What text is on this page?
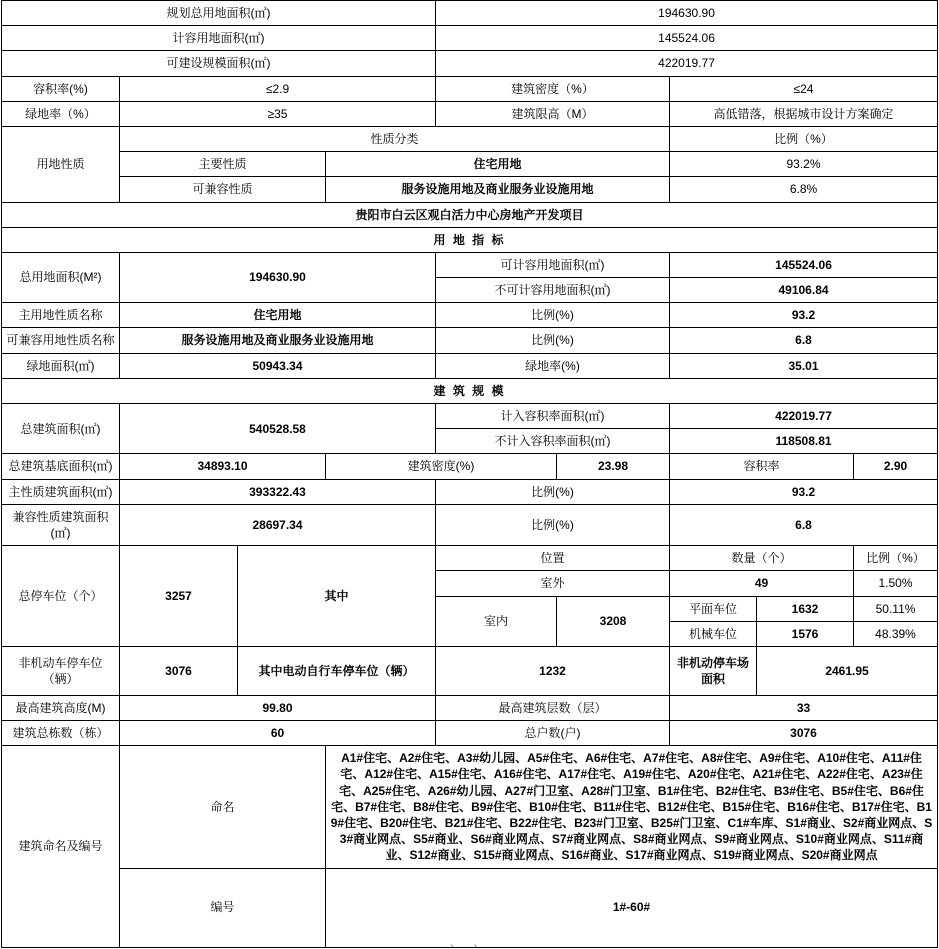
规划总用地面积(㎡)				194630.90				
计容用地面积(㎡)				145524.06				
可建设规模面积(㎡)				422019.77				
容积率(%)	≤2.9			建筑密度（%）		≤24		
绿地率（%）	≥35			建筑限高（M）		高低错落，根据城市设计方案确定		
用地性质	性质分类					比例（%）		
	主要性质		住宅用地			93.2%		
	可兼容性质		服务设施用地及商业服务业设施用地			6.8%		
贵阳市白云区观白活力中心房地产开发项目								
用 地 指 标								
总用地面积(M²)	194630.90			可计容用地面积(㎡)		145524.06		
				不可计容用地面积(㎡)		49106.84		
主用地性质名称	住宅用地			比例(%)		93.2		
可兼容用地性质名称	服务设施用地及商业服务业设施用地			比例(%)		6.8		
绿地面积(㎡)	50943.34			绿地率(%)		35.01		
建 筑 规 模								
总建筑面积(㎡)	540528.58			计入容积率面积(㎡)		422019.77		
				不计入容积率面积(㎡)		118508.81		
总建筑基底面积(㎡)	34893.10		建筑密度(%)		23.98	容积率		2.90
主性质建筑面积(㎡)	393322.43			比例(%)		93.2		
兼容性质建筑面积(㎡)	28697.34			比例(%)		6.8		
总停车位（个）	3257	其中		位置		数量（个）		比例（%）
				室外		49		1.50%
				室内	3208	平面车位	1632	50.11%
						机械车位	1576	48.39%
非机动车停车位（辆）	3076	其中电动自行车停车位（辆）		1232		非机动停车场面积	2461.95	
最高建筑高度(M)	99.80			最高建筑层数（层）		33		
建筑总栋数（栋）	60			总户数(户)		3076		
建筑命名及编号	命名		A1#住宅、A2#住宅、A3#幼儿园、A5#住宅、A6#住宅、A7#住宅、A8#住宅、A9#住宅、A10#住宅、A11#住宅、A12#住宅、A15#住宅、A16#住宅、A17#住宅、A19#住宅、A20#住宅、A21#住宅、A22#住宅、A23#住宅、A25#住宅、A26#幼儿园、A27#门卫室、A28#门卫室、B1#住宅、B2#住宅、B3#住宅、B5#住宅、B6#住宅、B7#住宅、B8#住宅、B9#住宅、B10#住宅、B11#住宅、B12#住宅、B15#住宅、B16#住宅、B17#住宅、B19#住宅、B20#住宅、B21#住宅、B22#住宅、B23#门卫室、B25#门卫室、C1#车库、S1#商业、S2#商业网点、S3#商业网点、S5#商业、S6#商业网点、S7#商业网点、S8#商业网点、S9#商业网点、S10#商业网点、S11#商业、S12#商业、S15#商业网点、S16#商业、S17#商业网点、S19#商业网点、S20#商业网点					
	编号		1#-60#					
、 、
